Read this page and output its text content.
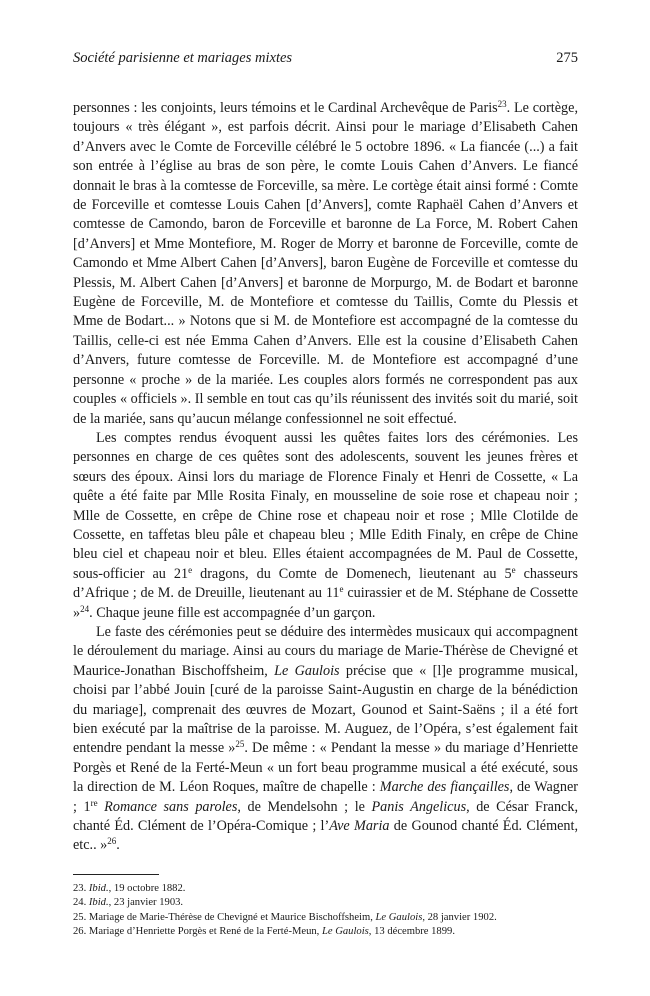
Société parisienne et mariages mixtes	275

personnes : les conjoints, leurs témoins et le Cardinal Archevêque de Paris$^{23}$. Le cortège, toujours « très élégant », est parfois décrit. Ainsi pour le mariage d’Elisabeth Cahen d’Anvers avec le Comte de Forceville célébré le 5 octobre 1896. « La fiancée (...) a fait son entrée à l’église au bras de son père, le comte Louis Cahen d’Anvers. Le fiancé donnait le bras à la comtesse de Forceville, sa mère. Le cortège était ainsi formé : Comte de Forceville et comtesse Louis Cahen [d’Anvers], comte Raphaël Cahen d’Anvers et comtesse de Camondo, baron de Forceville et baronne de La Force, M. Robert Cahen [d’Anvers] et Mme Montefiore, M. Roger de Morry et baronne de Forceville, comte de Camondo et Mme Albert Cahen [d’Anvers], baron Eugène de Forceville et comtesse du Plessis, M. Albert Cahen [d’Anvers] et baronne de Morpurgo, M. de Bodart et baronne Eugène de Forceville, M. de Montefiore et comtesse du Taillis, Comte du Plessis et Mme de Bodart... » Notons que si M. de Montefiore est accompagné de la comtesse du Taillis, celle-ci est née Emma Cahen d’Anvers. Elle est la cousine d’Elisabeth Cahen d’Anvers, future comtesse de Forceville. M. de Montefiore est accompagné d’une personne « proche » de la mariée. Les couples alors formés ne correspondent pas aux couples « officiels ». Il semble en tout cas qu’ils réunissent des invités soit du marié, soit de la mariée, sans qu’aucun mélange confessionnel ne soit effectué.

Les comptes rendus évoquent aussi les quêtes faites lors des cérémonies. Les personnes en charge de ces quêtes sont des adolescents, souvent les jeunes frères et sœurs des époux. Ainsi lors du mariage de Florence Finaly et Henri de Cossette, « La quête a été faite par Mlle Rosita Finaly, en mousseline de soie rose et chapeau noir ; Mlle de Cossette, en crêpe de Chine rose et chapeau noir et rose ; Mlle Clotilde de Cossette, en taffetas bleu pâle et chapeau bleu ; Mlle Edith Finaly, en crêpe de Chine bleu ciel et chapeau noir et bleu. Elles étaient accompagnées de M. Paul de Cossette, sous-officier au 21e dragons, du Comte de Domenech, lieutenant au 5e chasseurs d’Afrique ; de M. de Dreuille, lieutenant au 11e cuirassier et de M. Stéphane de Cossette »$^{24}$. Chaque jeune fille est accompagnée d’un garçon.

Le faste des cérémonies peut se déduire des intermèdes musicaux qui accompagnent le déroulement du mariage. Ainsi au cours du mariage de Marie-Thérèse de Chevigné et Maurice-Jonathan Bischoffsheim, Le Gaulois précise que « [l]e programme musical, choisi par l’abbé Jouin [curé de la paroisse Saint-Augustin en charge de la bénédiction du mariage], comprenait des œuvres de Mozart, Gounod et Saint-Saëns ; il a été fort bien exécuté par la maîtrise de la paroisse. M. Auguez, de l’Opéra, s’est également fait entendre pendant la messe »$^{25}$. De même : « Pendant la messe » du mariage d’Henriette Porgès et René de la Ferté-Meun « un fort beau programme musical a été exécuté, sous la direction de M. Léon Roques, maître de chapelle : Marche des fiançailles, de Wagner ; 1re Romance sans paroles, de Mendelsohn ; le Panis Angelicus, de César Franck, chanté Éd. Clément de l’Opéra-Comique ; l’Ave Maria de Gounod chanté Éd. Clément, etc.. »$^{26}$.

23. Ibid., 19 octobre 1882.
24. Ibid., 23 janvier 1903.
25. Mariage de Marie-Thérèse de Chevigné et Maurice Bischoffsheim, Le Gaulois, 28 janvier 1902.
26. Mariage d’Henriette Porgès et René de la Ferté-Meun, Le Gaulois, 13 décembre 1899.
